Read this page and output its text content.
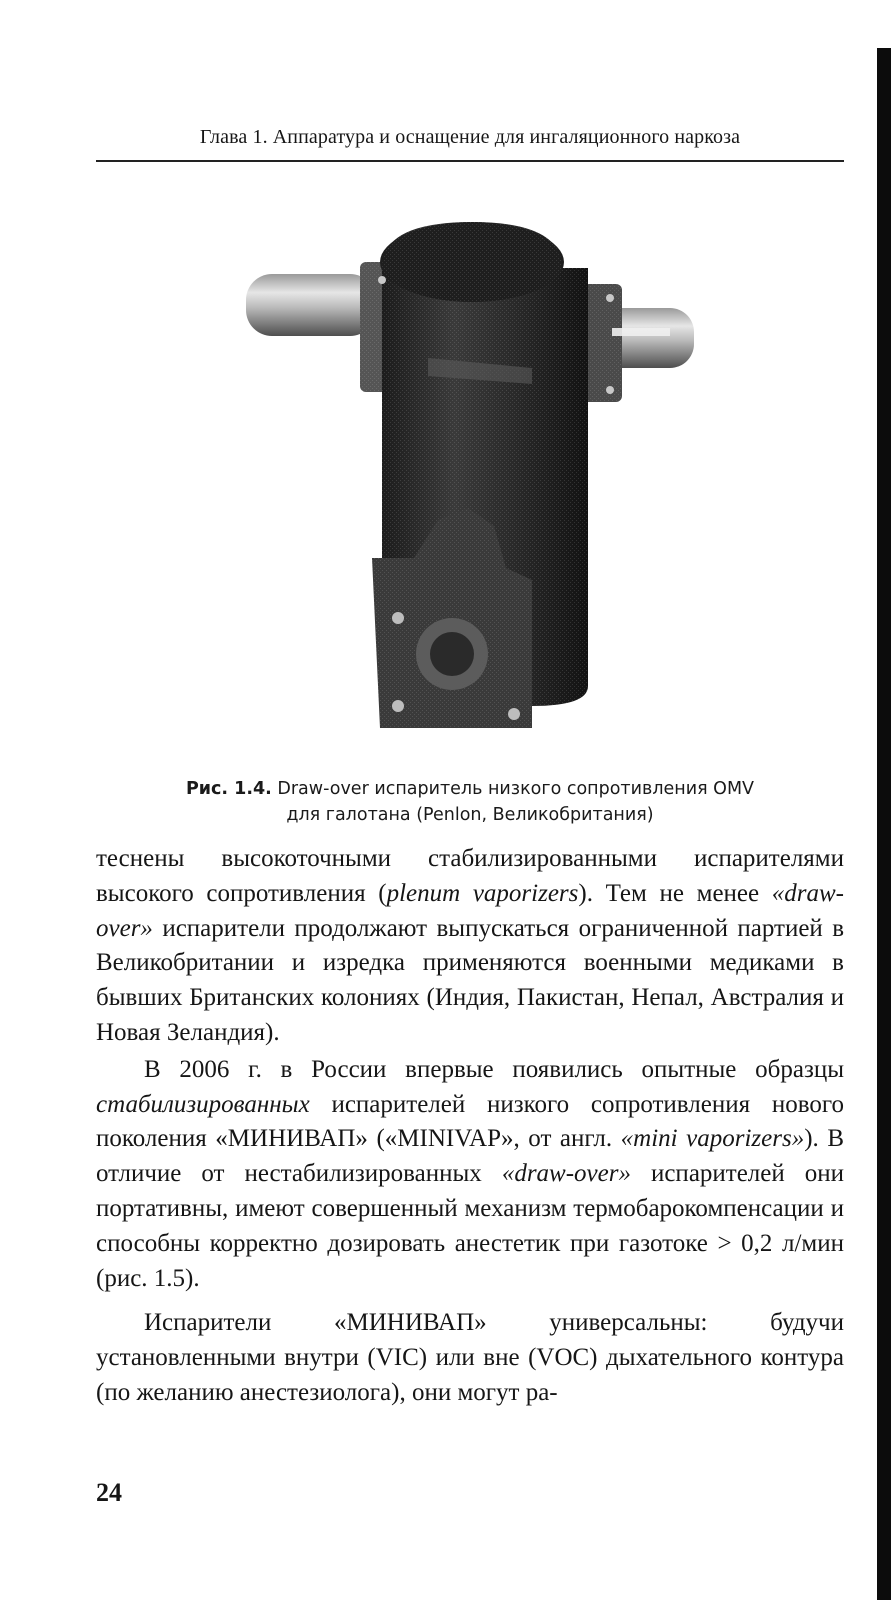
Глава 1. Аппаратура и оснащение для ингаляционного наркоза
Рис. 1.4. Draw-over испаритель низкого сопротивления OMV
для галотана (Penlon, Великобритания)

теснены высокоточными стабилизированными испарителями высокого сопротивления (plenum vaporizers). Тем не менее «draw-over» испарители продолжают выпускаться ограниченной партией в Великобритании и изредка применяются военными медиками в бывших Британских колониях (Индия, Пакистан, Непал, Австралия и Новая Зеландия).

В 2006 г. в России впервые появились опытные образцы стабилизированных испарителей низкого сопротивления нового поколения «МИНИВАП» («MINIVAP», от англ. «mini vaporizers»). В отличие от нестабилизированных «draw-over» испарителей они портативны, имеют совершенный механизм термобарокомпенсации и способны корректно дозировать анестетик при газотоке > 0,2 л/мин (рис. 1.5).

Испарители «МИНИВАП» универсальны: будучи установленными внутри (VIC) или вне (VOC) дыхательного контура (по желанию анестезиолога), они могут ра-

24
